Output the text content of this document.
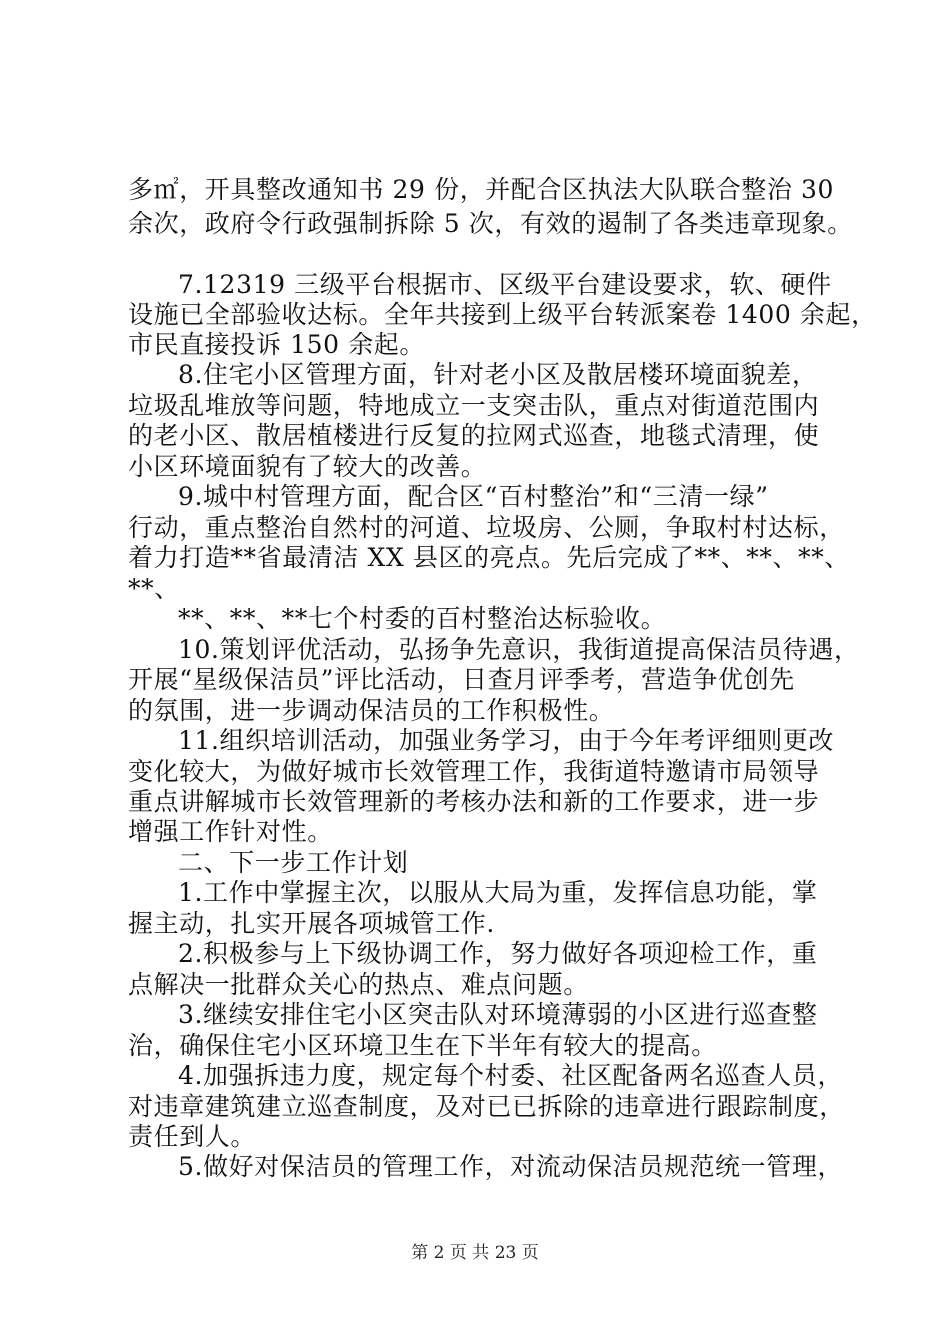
多㎡，开具整改通知书 29 份，并配合区执法大队联合整治 30
余次，政府令行政强制拆除 5 次，有效的遏制了各类违章现象。
7.12319 三级平台根据市、区级平台建设要求，软、硬件
设施已全部验收达标。全年共接到上级平台转派案卷 1400 余起，
市民直接投诉 150 余起。
8.住宅小区管理方面，针对老小区及散居楼环境面貌差，
垃圾乱堆放等问题，特地成立一支突击队，重点对街道范围内
的老小区、散居植楼进行反复的拉网式巡查，地毯式清理，使
小区环境面貌有了较大的改善。
9.城中村管理方面，配合区“百村整治”和“三清一绿”
行动，重点整治自然村的河道、垃圾房、公厕，争取村村达标，
着力打造**省最清洁 XX 县区的亮点。先后完成了**、**、**、
**、
**、**、**七个村委的百村整治达标验收。
10.策划评优活动，弘扬争先意识，我街道提高保洁员待遇，
开展“星级保洁员”评比活动，日查月评季考，营造争优创先
的氛围，进一步调动保洁员的工作积极性。
11.组织培训活动，加强业务学习，由于今年考评细则更改
变化较大，为做好城市长效管理工作，我街道特邀请市局领导
重点讲解城市长效管理新的考核办法和新的工作要求，进一步
增强工作针对性。
二、下一步工作计划
1.工作中掌握主次，以服从大局为重，发挥信息功能，掌
握主动，扎实开展各项城管工作.
2.积极参与上下级协调工作，努力做好各项迎检工作，重
点解决一批群众关心的热点、难点问题。
3.继续安排住宅小区突击队对环境薄弱的小区进行巡查整
治，确保住宅小区环境卫生在下半年有较大的提高。
4.加强拆违力度，规定每个村委、社区配备两名巡查人员，
对违章建筑建立巡查制度，及对已已拆除的违章进行跟踪制度，
责任到人。
5.做好对保洁员的管理工作，对流动保洁员规范统一管理，
第 2 页 共 23 页
